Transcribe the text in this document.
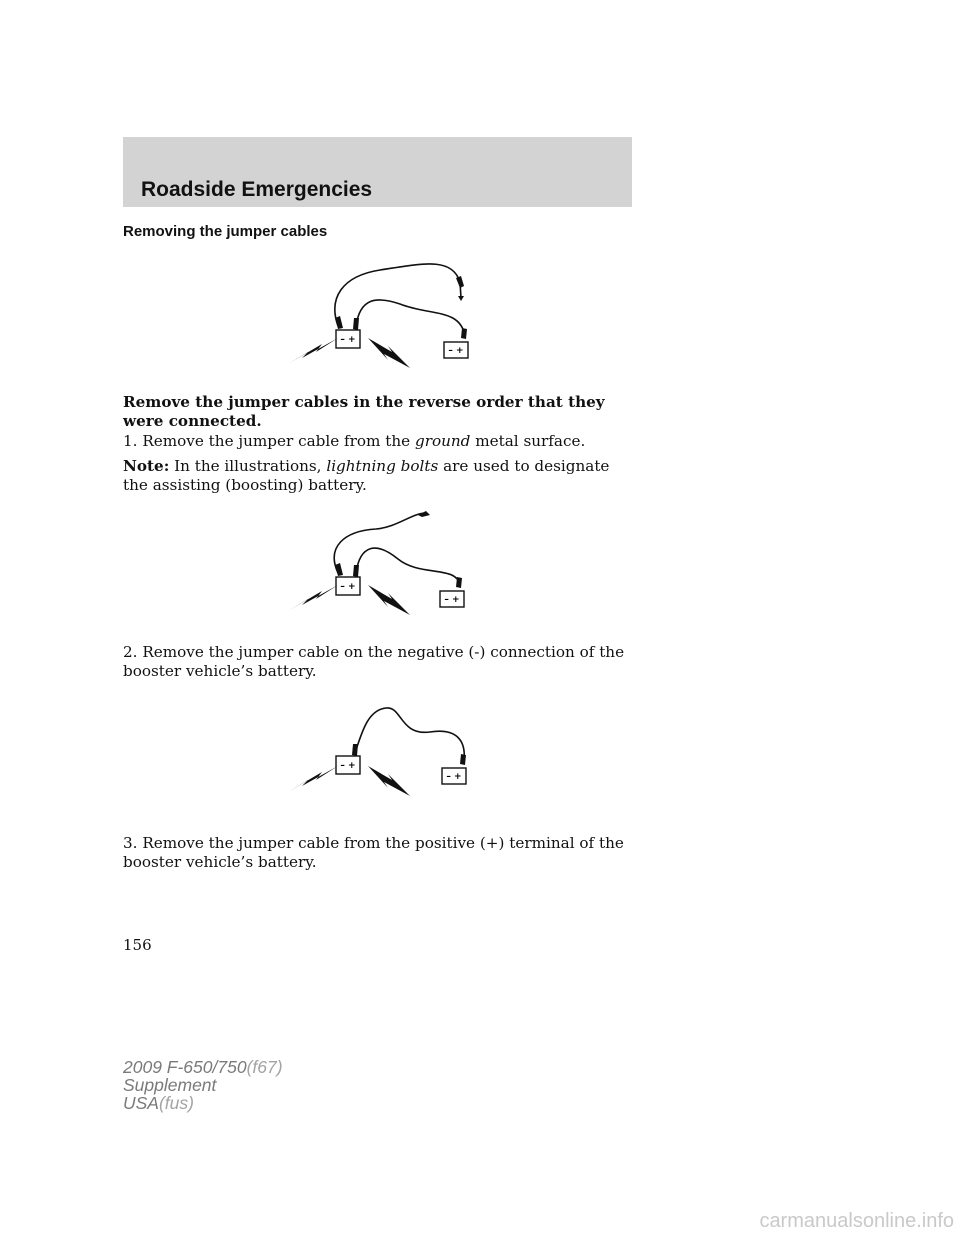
Roadside Emergencies
Removing the jumper cables
– +
– +
Remove the jumper cables in the reverse order that they were connected.
1. Remove the jumper cable from the ground metal surface.
Note: In the illustrations, lightning bolts are used to designate the assisting (boosting) battery.
– +
– +
2. Remove the jumper cable on the negative (-) connection of the booster vehicle’s battery.
– +
– +
3. Remove the jumper cable from the positive (+) terminal of the booster vehicle’s battery.
156
2009 F-650/750(f67)
Supplement
USA(fus)
carmanualsonline.info
